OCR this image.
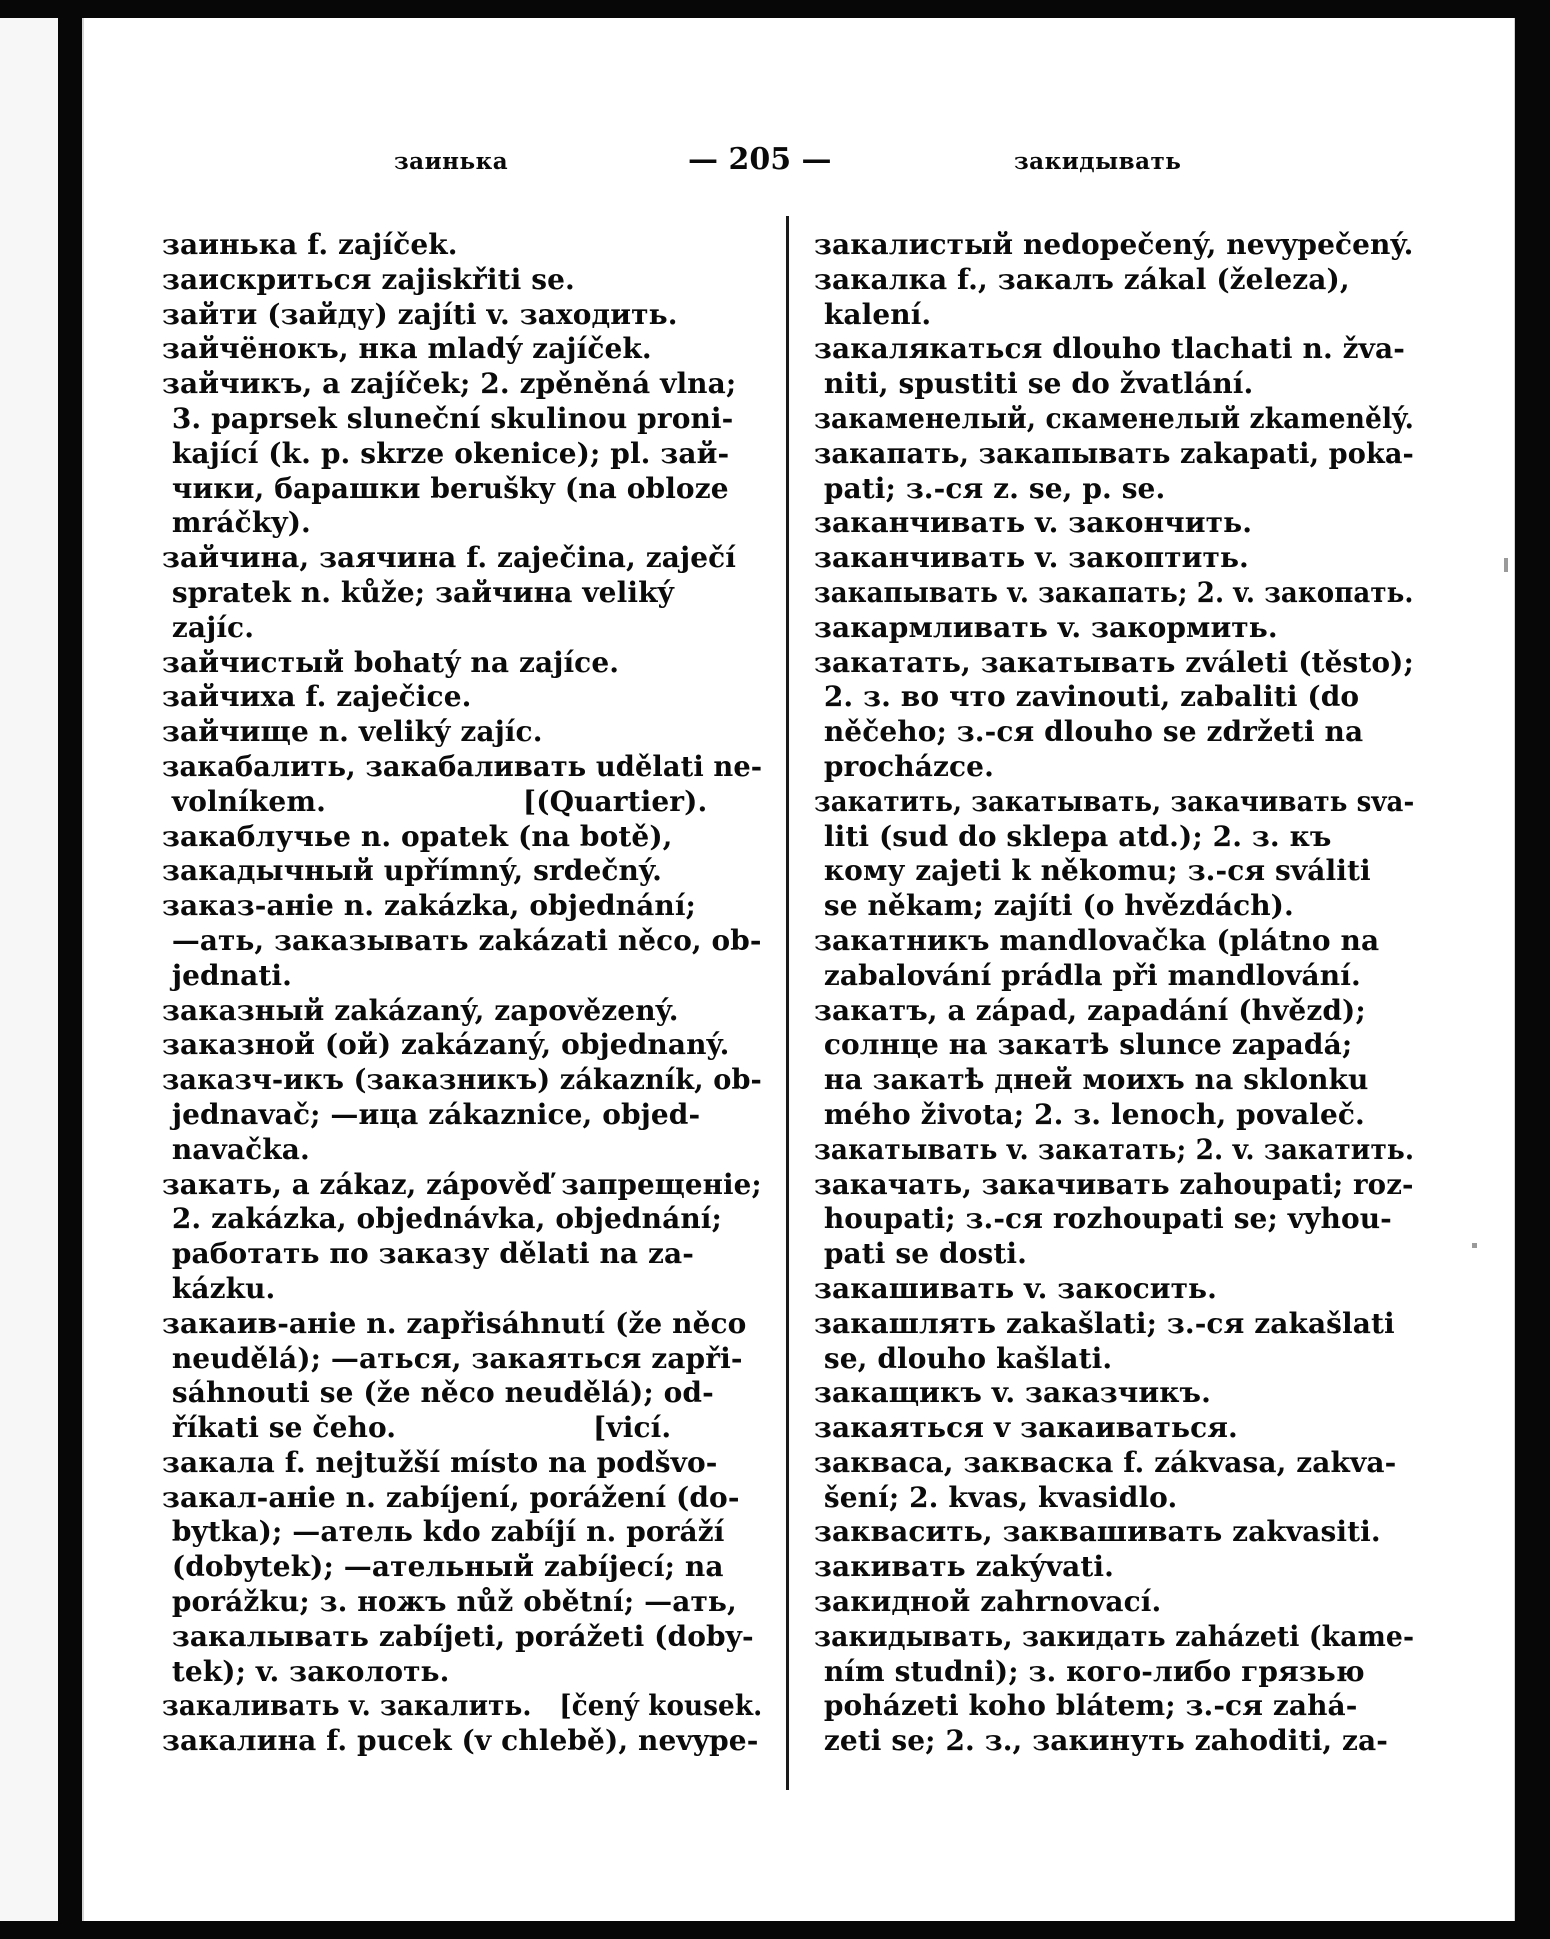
заинька	— 205 —	закидывать
заинька f. zajíček.
заискриться zajiskřiti se.
зайти (зайду) zajíti v. заходить.
зайчёнокъ, нка mladý zajíček.
зайчикъ, а zajíček; 2. zpěněná vlna;
3. paprsek sluneční skulinou proni-
kající (k. p. skrze okenice); pl. зай-
чики, барашки berušky (na obloze
mráčky).
зайчина, заячина f. zaječina, zaječí
spratek n. kůže; зайчина veliký
zajíc.
зайчистый bohatý na zajíce.
зайчиха f. zaječice.
зайчище n. veliký zajíc.
закабалить, закабаливать udělati ne-
volníkem.                    [(Quartier).
закаблучье n. opatek (na botě),
закадычный upřímný, srdečný.
заказ-аніе n. zakázka, objednání;
—ать, заказывать zakázati něco, ob-
jednati.
заказный zakázaný, zapovězený.
заказной (ой) zakázaný, objednaný.
заказч-икъ (заказникъ) zákazník, ob-
jednavač; —ица zákaznice, objed-
navačka.
закать, а zákaz, zápověď запрещеніе;
2. zakázka, objednávka, objednání;
работать по заказу dělati na za-
kázku.
закаив-аніе n. zapřisáhnutí (že něco
neudělá); —аться, закаяться zapři-
sáhnouti se (že něco neudělá); od-
říkati se čeho.                    [vicí.
закала f. nejtužší místo na podšvo-
закал-аніе n. zabíjení, porážení (do-
bytka); —атель kdo zabíjí n. poráží
(dobytek); —ательный zabíjecí; na
porážku; з. ножъ nůž obětní; —ать,
закалывать zabíjeti, porážeti (doby-
tek); v. заколоть.
закаливать v. закалить.   [čený kousek.
закалина f. pucek (v chlebě), nevype-
закалистый nedopečený, nevypečený.
закалка f., закалъ zákal (železa),
kalení.
закалякаться dlouho tlachati n. žva-
niti, spustiti se do žvatlání.
закаменелый, скаменелый zkamenělý.
закапать, закапывать zakapati, poka-
pati; з.-ся z. se, p. se.
заканчивать v. закончить.
заканчивать v. закоптить.
закапывать v. закапать; 2. v. закопать.
закармливать v. закормить.
закатать, закатывать zváleti (těsto);
2. з. во что zavinouti, zabaliti (do
něčeho; з.-ся dlouho se zdržeti na
procházce.
закатить, закатывать, закачивать sva-
liti (sud do sklepa atd.); 2. з. къ
кому zajeti k někomu; з.-ся sváliti
se někam; zajíti (o hvězdách).
закатникъ mandlovačka (plátno na
zabalování prádla při mandlování.
закатъ, а západ, zapadání (hvězd);
солнце на закатѣ slunce zapadá;
на закатѣ дней моихъ na sklonku
mého života; 2. з. lenoch, povaleč.
закатывать v. закатать; 2. v. закатить.
закачать, закачивать zahoupati; roz-
houpati; з.-ся rozhoupati se; vyhou-
pati se dosti.
закашивать v. закосить.
закашлять zakašlati; з.-ся zakašlati
se, dlouho kašlati.
закащикъ v. заказчикъ.
закаяться v закаиваться.
закваса, закваска f. zákvasa, zakva-
šení; 2. kvas, kvasidlo.
заквасить, заквашивать zakvasiti.
закивать zakývati.
закидной zahrnovací.
закидывать, закидать zaházeti (kame-
ním studni); з. кого-либо грязью
poházeti koho blátem; з.-ся zahá-
zeti se; 2. з., закинуть zahoditi, za-
